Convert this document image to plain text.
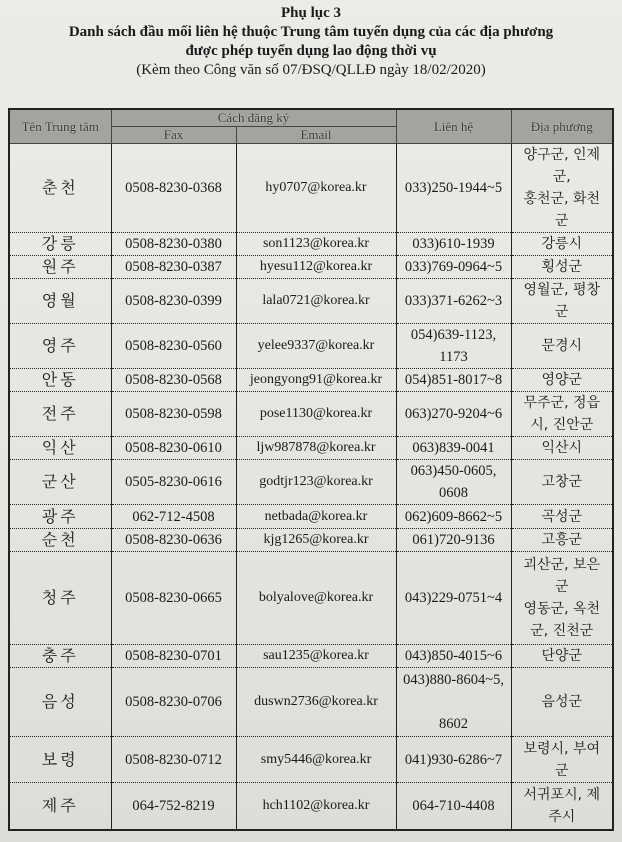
Phụ lục 3
Danh sách đầu mối liên hệ thuộc Trung tâm tuyển dụng của các địa phương
được phép tuyển dụng lao động thời vụ
(Kèm theo Công văn số 07/ĐSQ/QLLĐ ngày 18/02/2020)
Tên Trung tâm	Cách đăng ký		Liên hệ	Địa phương
	Fax	Email		
춘천	0508-8230-0368	hy0707@korea.kr	033)250-1944~5	양구군, 인제
군,
홍천군, 화천
군
강릉	0508-8230-0380	son1123@korea.kr	033)610-1939	강릉시
원주	0508-8230-0387	hyesu112@korea.kr	033)769-0964~5	횡성군
영월	0508-8230-0399	lala0721@korea.kr	033)371-6262~3	영월군, 평창
군
영주	0508-8230-0560	yelee9337@korea.kr	054)639-1123,
1173	문경시
안동	0508-8230-0568	jeongyong91@korea.kr	054)851-8017~8	영양군
전주	0508-8230-0598	pose1130@korea.kr	063)270-9204~6	무주군, 정읍
시, 진안군
익산	0508-8230-0610	ljw987878@korea.kr	063)839-0041	익산시
군산	0505-8230-0616	godtjr123@korea.kr	063)450-0605,
0608	고창군
광주	062-712-4508	netbada@korea.kr	062)609-8662~5	곡성군
순천	0508-8230-0636	kjg1265@korea.kr	061)720-9136	고흥군
청주	0508-8230-0665	bolyalove@korea.kr	043)229-0751~4	괴산군, 보은
군
영동군, 옥천
군, 진천군
충주	0508-8230-0701	sau1235@korea.kr	043)850-4015~6	단양군
음성	0508-8230-0706	duswn2736@korea.kr	043)880-8604~5,

8602	음성군
보령	0508-8230-0712	smy5446@korea.kr	041)930-6286~7	보령시, 부여
군
제주	064-752-8219	hch1102@korea.kr	064-710-4408	서귀포시, 제
주시
